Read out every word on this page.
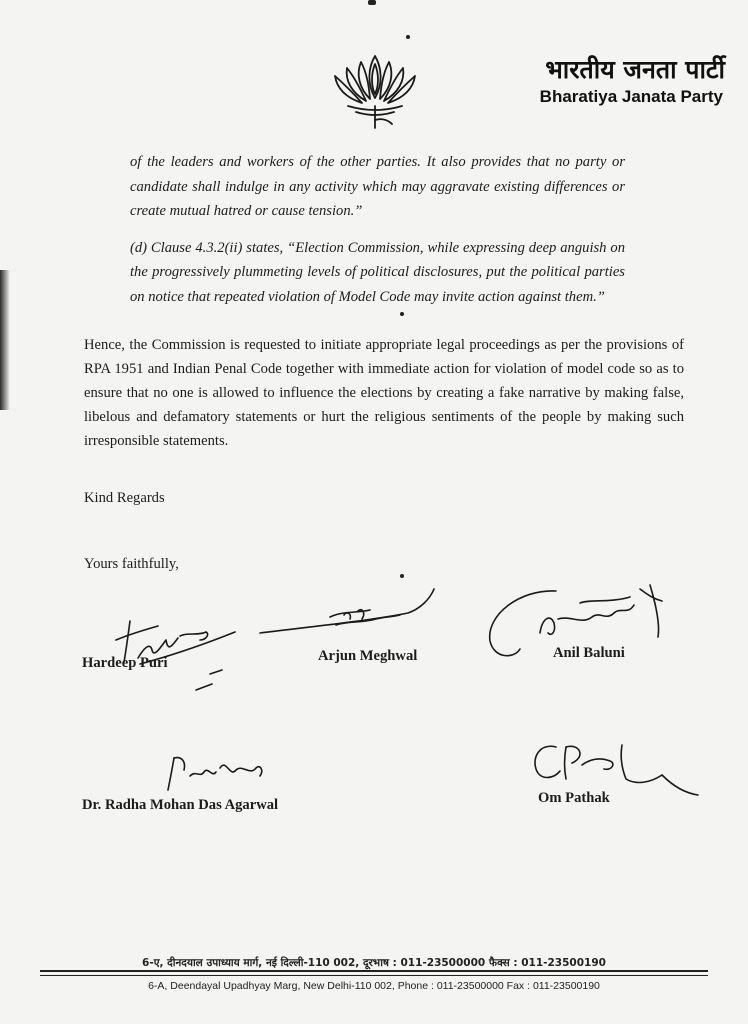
भारतीय जनता पार्टी
Bharatiya Janata Party

of the leaders and workers of the other parties. It also provides that no party or candidate shall indulge in any activity which may aggravate existing differences or create mutual hatred or cause tension.”

(d) Clause 4.3.2(ii) states, “Election Commission, while expressing deep anguish on the progressively plummeting levels of political disclosures, put the political parties on notice that repeated violation of Model Code may invite action against them.”

Hence, the Commission is requested to initiate appropriate legal proceedings as per the provisions of RPA 1951 and Indian Penal Code together with immediate action for violation of model code so as to ensure that no one is allowed to influence the elections by creating a fake narrative by making false, libelous and defamatory statements or hurt the religious sentiments of the people by making such irresponsible statements.

Kind Regards
Yours faithfully,
Hardeep Puri	Arjun Meghwal	Anil Baluni
Dr. Radha Mohan Das Agarwal	Om Pathak
6-ए, दीनदयाल उपाध्याय मार्ग, नई दिल्ली-110 002, दूरभाष : 011-23500000 फैक्स : 011-23500190
6-A, Deendayal Upadhyay Marg, New Delhi-110 002, Phone : 011-23500000 Fax : 011-23500190
